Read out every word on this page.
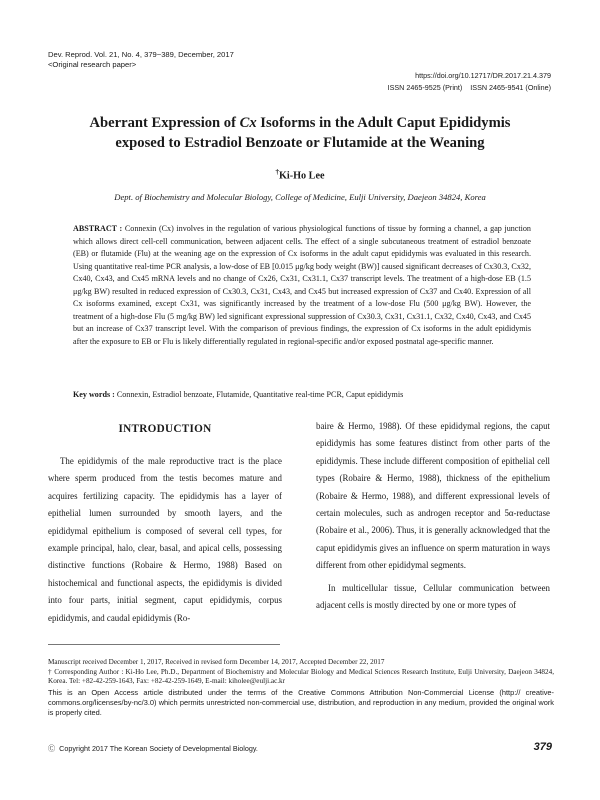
Dev. Reprod. Vol. 21, No. 4, 379~389, December, 2017
<Original research paper>
https://doi.org/10.12717/DR.2017.21.4.379
ISSN 2465-9525 (Print)    ISSN 2465-9541 (Online)
Aberrant Expression of Cx Isoforms in the Adult Caput Epididymis
exposed to Estradiol Benzoate or Flutamide at the Weaning
†Ki-Ho Lee
Dept. of Biochemistry and Molecular Biology, College of Medicine, Eulji University, Daejeon 34824, Korea

ABSTRACT : Connexin (Cx) involves in the regulation of various physiological functions of tissue by forming a channel, a gap junction which allows direct cell-cell communication, between adjacent cells. The effect of a single subcutaneous treatment of estradiol benzoate (EB) or flutamide (Flu) at the weaning age on the expression of Cx isoforms in the adult caput epididymis was evaluated in this research. Using quantitative real-time PCR analysis, a low-dose of EB [0.015 μg/kg body weight (BW)] caused significant decreases of Cx30.3, Cx32, Cx40, Cx43, and Cx45 mRNA levels and no change of Cx26, Cx31, Cx31.1, Cx37 transcript levels. The treatment of a high-dose EB (1.5 μg/kg BW) resulted in reduced expression of Cx30.3, Cx31, Cx43, and Cx45 but increased expression of Cx37 and Cx40. Expression of all Cx isoforms examined, except Cx31, was significantly increased by the treatment of a low-dose Flu (500 μg/kg BW). However, the treatment of a high-dose Flu (5 mg/kg BW) led significant expressional suppression of Cx30.3, Cx31, Cx31.1, Cx32, Cx40, Cx43, and Cx45 but an increase of Cx37 transcript level. With the comparison of previous findings, the expression of Cx isoforms in the adult epididymis after the exposure to EB or Flu is likely differentially regulated in regional-specific and/or exposed postnatal age-specific manner.

Key words : Connexin, Estradiol benzoate, Flutamide, Quantitative real-time PCR, Caput epididymis
INTRODUCTION

The epididymis of the male reproductive tract is the place where sperm produced from the testis becomes mature and acquires fertilizing capacity. The epididymis has a layer of epithelial lumen surrounded by smooth layers, and the epididymal epithelium is composed of several cell types, for example principal, halo, clear, basal, and apical cells, possessing distinctive functions (Robaire & Hermo, 1988) Based on histochemical and functional aspects, the epididymis is divided into four parts, initial segment, caput epididymis, corpus epididymis, and caudal epididymis (Ro-

baire & Hermo, 1988). Of these epididymal regions, the caput epididymis has some features distinct from other parts of the epididymis. These include different composition of epithelial cell types (Robaire & Hermo, 1988), thickness of the epithelium (Robaire & Hermo, 1988), and different expressional levels of certain molecules, such as androgen receptor and 5α-reductase (Robaire et al., 2006). Thus, it is generally acknowledged that the caput epididymis gives an influence on sperm maturation in ways different from other epididymal segments.

In multicellular tissue, Cellular communication between adjacent cells is mostly directed by one or more types of

Manuscript received December 1, 2017, Received in revised form December 14, 2017, Accepted December 22, 2017

† Corresponding Author : Ki-Ho Lee, Ph.D., Department of Biochemistry and Molecular Biology and Medical Sciences Research Institute, Eulji University, Daejeon 34824, Korea. Tel: +82-42-259-1643, Fax: +82-42-259-1649, E-mail: kiholee@eulji.ac.kr

This is an Open Access article distributed under the terms of the Creative Commons Attribution Non-Commercial License (http:// creative-commons.org/licenses/by-nc/3.0) which permits unrestricted non-commercial use, distribution, and reproduction in any medium, provided the original work is properly cited.

Ⓒ  Copyright 2017 The Korean Society of Developmental Biology.	379
